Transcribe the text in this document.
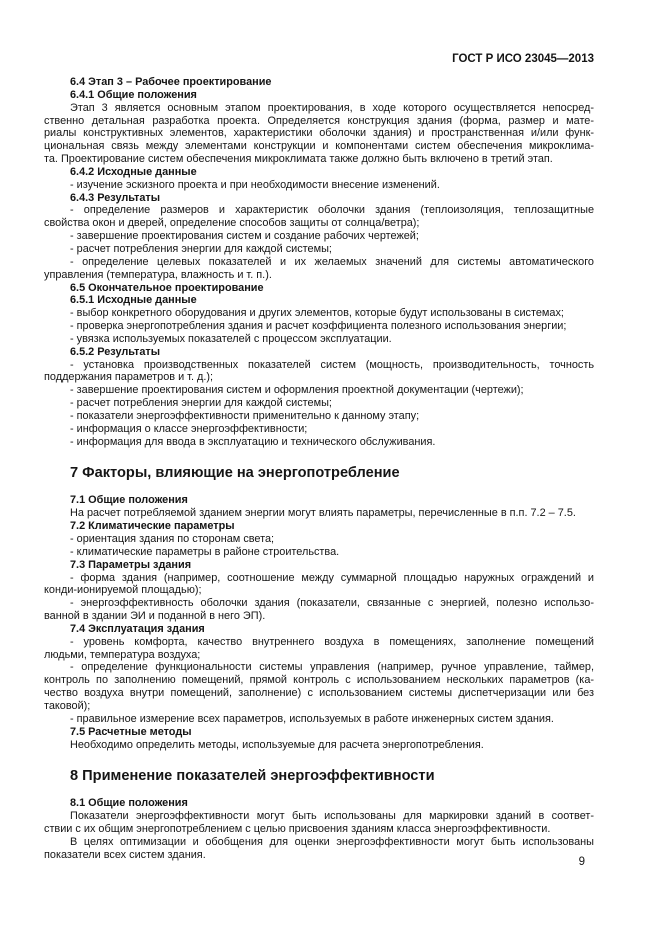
ГОСТ Р ИСО 23045—2013
6.4 Этап 3 – Рабочее проектирование
6.4.1 Общие положения
Этап 3 является основным этапом проектирования, в ходе которого осуществляется непосред-
ственно детальная разработка проекта. Определяется конструкция здания (форма, размер и мате-
риалы конструктивных элементов, характеристики оболочки здания) и пространственная и/или функ-
циональная связь между элементами конструкции и компонентами систем обеспечения микроклима-
та. Проектирование систем обеспечения микроклимата также должно быть включено в третий этап.
6.4.2 Исходные данные
- изучение эскизного проекта и при необходимости внесение изменений.
6.4.3 Результаты
- определение размеров и характеристик оболочки здания (теплоизоляция, теплозащитные
свойства окон и дверей, определение способов защиты от солнца/ветра);
- завершение проектирования систем и создание рабочих чертежей;
- расчет потребления энергии для каждой системы;
- определение целевых показателей и их желаемых значений для системы автоматического
управления (температура, влажность и т. п.).
6.5 Окончательное проектирование
6.5.1 Исходные данные
- выбор конкретного оборудования и других элементов, которые будут использованы в системах;
- проверка энергопотребления здания и расчет коэффициента полезного использования энергии;
- увязка используемых показателей с процессом эксплуатации.
6.5.2 Результаты
- установка производственных показателей систем (мощность, производительность, точность
поддержания параметров и т. д.);
- завершение проектирования систем и оформления проектной документации (чертежи);
- расчет потребления энергии для каждой системы;
- показатели энергоэффективности применительно к данному этапу;
- информация о классе энергоэффективности;
- информация для ввода в эксплуатацию и технического обслуживания.
7 Факторы, влияющие на энергопотребление
7.1 Общие положения
На расчет потребляемой зданием энергии могут влиять параметры, перечисленные в п.п. 7.2 – 7.5.
7.2 Климатические параметры
- ориентация здания по сторонам света;
- климатические параметры в районе строительства.
7.3 Параметры здания
- форма здания (например, соотношение между суммарной площадью наружных ограждений и
конди-ионируемой площадью);
- энергоэффективность оболочки здания (показатели, связанные с энергией, полезно использо-
ванной в здании ЭИ и поданной в него ЭП).
7.4 Эксплуатация здания
- уровень комфорта, качество внутреннего воздуха в помещениях, заполнение помещений
людьми, температура воздуха;
- определение функциональности системы управления (например, ручное управление, таймер,
контроль по заполнению помещений, прямой контроль с использованием нескольких параметров (ка-
чество воздуха внутри помещений, заполнение) с использованием системы диспетчеризации или без
таковой);
- правильное измерение всех параметров, используемых в работе инженерных систем здания.
7.5 Расчетные методы
Необходимо определить методы, используемые для расчета энергопотребления.
8 Применение показателей энергоэффективности
8.1 Общие положения
Показатели энергоэффективности могут быть использованы для маркировки зданий в соответ-
ствии с их общим энергопотреблением с целью присвоения зданиям класса энергоэффективности.
В целях оптимизации и обобщения для оценки энергоэффективности могут быть использованы
показатели всех систем здания.
9
